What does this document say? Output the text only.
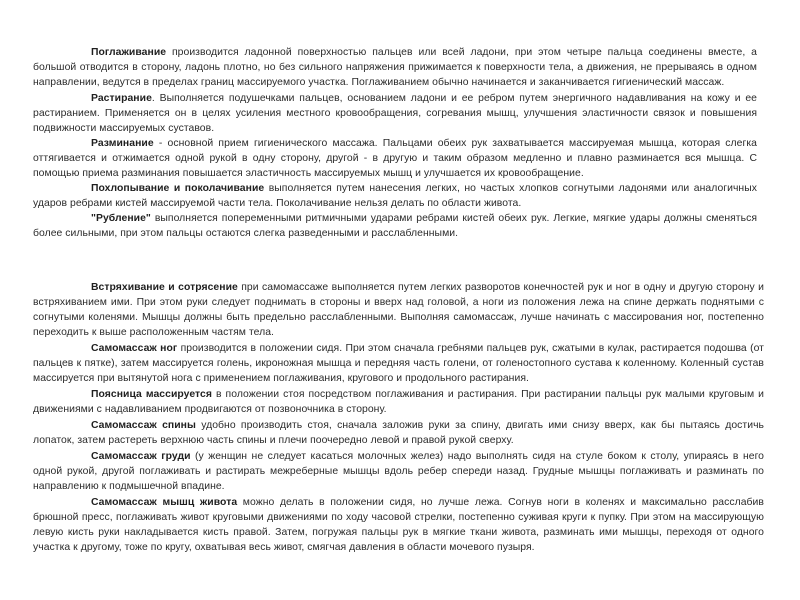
Поглаживание производится ладонной поверхностью пальцев или всей ладони, при этом четыре пальца соединены вместе, а большой отводится в сторону, ладонь плотно, но без сильного напряжения прижимается к поверхности тела, а движения, не прерываясь в одном направлении, ведутся в пределах границ массируемого участка. Поглаживанием обычно начинается и заканчивается гигиенический массаж.

Растирание. Выполняется подушечками пальцев, основанием ладони и ее ребром путем энергичного надавливания на кожу и ее растиранием. Применяется он в целях усиления местного кровообращения, согревания мышц, улучшения эластичности связок и повышения подвижности массируемых суставов.

Разминание - основной прием гигиенического массажа. Пальцами обеих рук захватывается массируемая мышца, которая слегка оттягивается и отжимается одной рукой в одну сторону, другой - в другую и таким образом медленно и плавно разминается вся мышца. С помощью приема разминания повышается эластичность массируемых мышц и улучшается их кровообращение.

Похлопывание и поколачивание выполняется путем нанесения легких, но частых хлопков согнутыми ладонями или аналогичных ударов ребрами кистей массируемой части тела. Поколачивание нельзя делать по области живота.

"Рубление" выполняется попеременными ритмичными ударами ребрами кистей обеих рук. Легкие, мягкие удары должны сменяться более сильными, при этом пальцы остаются слегка разведенными и расслабленными.

Встряхивание и сотрясение при самомассаже выполняется путем легких разворотов конечностей рук и ног в одну и другую сторону и встряхиванием ими. При этом руки следует поднимать в стороны и вверх над головой, а ноги из положения лежа на спине держать поднятыми с согнутыми коленями. Мышцы должны быть предельно расслабленными. Выполняя самомассаж, лучше начинать с массирования ног, постепенно переходить к выше расположенным частям тела.

Самомассаж ног производится в положении сидя. При этом сначала гребнями пальцев рук, сжатыми в кулак, растирается подошва (от пальцев к пятке), затем массируется голень, икроножная мышца и передняя часть голени, от голеностопного сустава к коленному. Коленный сустав массируется при вытянутой нога с применением поглаживания, кругового и продольного растирания.

Поясница массируется в положении стоя посредством поглаживания и растирания. При растирании пальцы рук малыми круговым и движениями с надавливанием продвигаются от позвоночника в сторону.

Самомассаж спины удобно производить стоя, сначала заложив руки за спину, двигать ими снизу вверх, как бы пытаясь достичь лопаток, затем растереть верхнюю часть спины и плечи поочередно левой и правой рукой сверху.

Самомассаж груди (у женщин не следует касаться молочных желез) надо выполнять сидя на стуле боком к столу, упираясь в него одной рукой, другой поглаживать и растирать межреберные мышцы вдоль ребер спереди назад. Грудные мышцы поглаживать и разминать по направлению к подмышечной впадине.

Самомассаж мышц живота можно делать в положении сидя, но лучше лежа. Согнув ноги в коленях и максимально расслабив брюшной пресс, поглаживать живот круговыми движениями по ходу часовой стрелки, постепенно суживая круги к пупку. При этом на массирующую левую кисть руки накладывается кисть правой. Затем, погружая пальцы рук в мягкие ткани живота, разминать ими мышцы, переходя от одного участка к другому, тоже по кругу, охватывая весь живот, смягчая давления в области мочевого пузыря.
